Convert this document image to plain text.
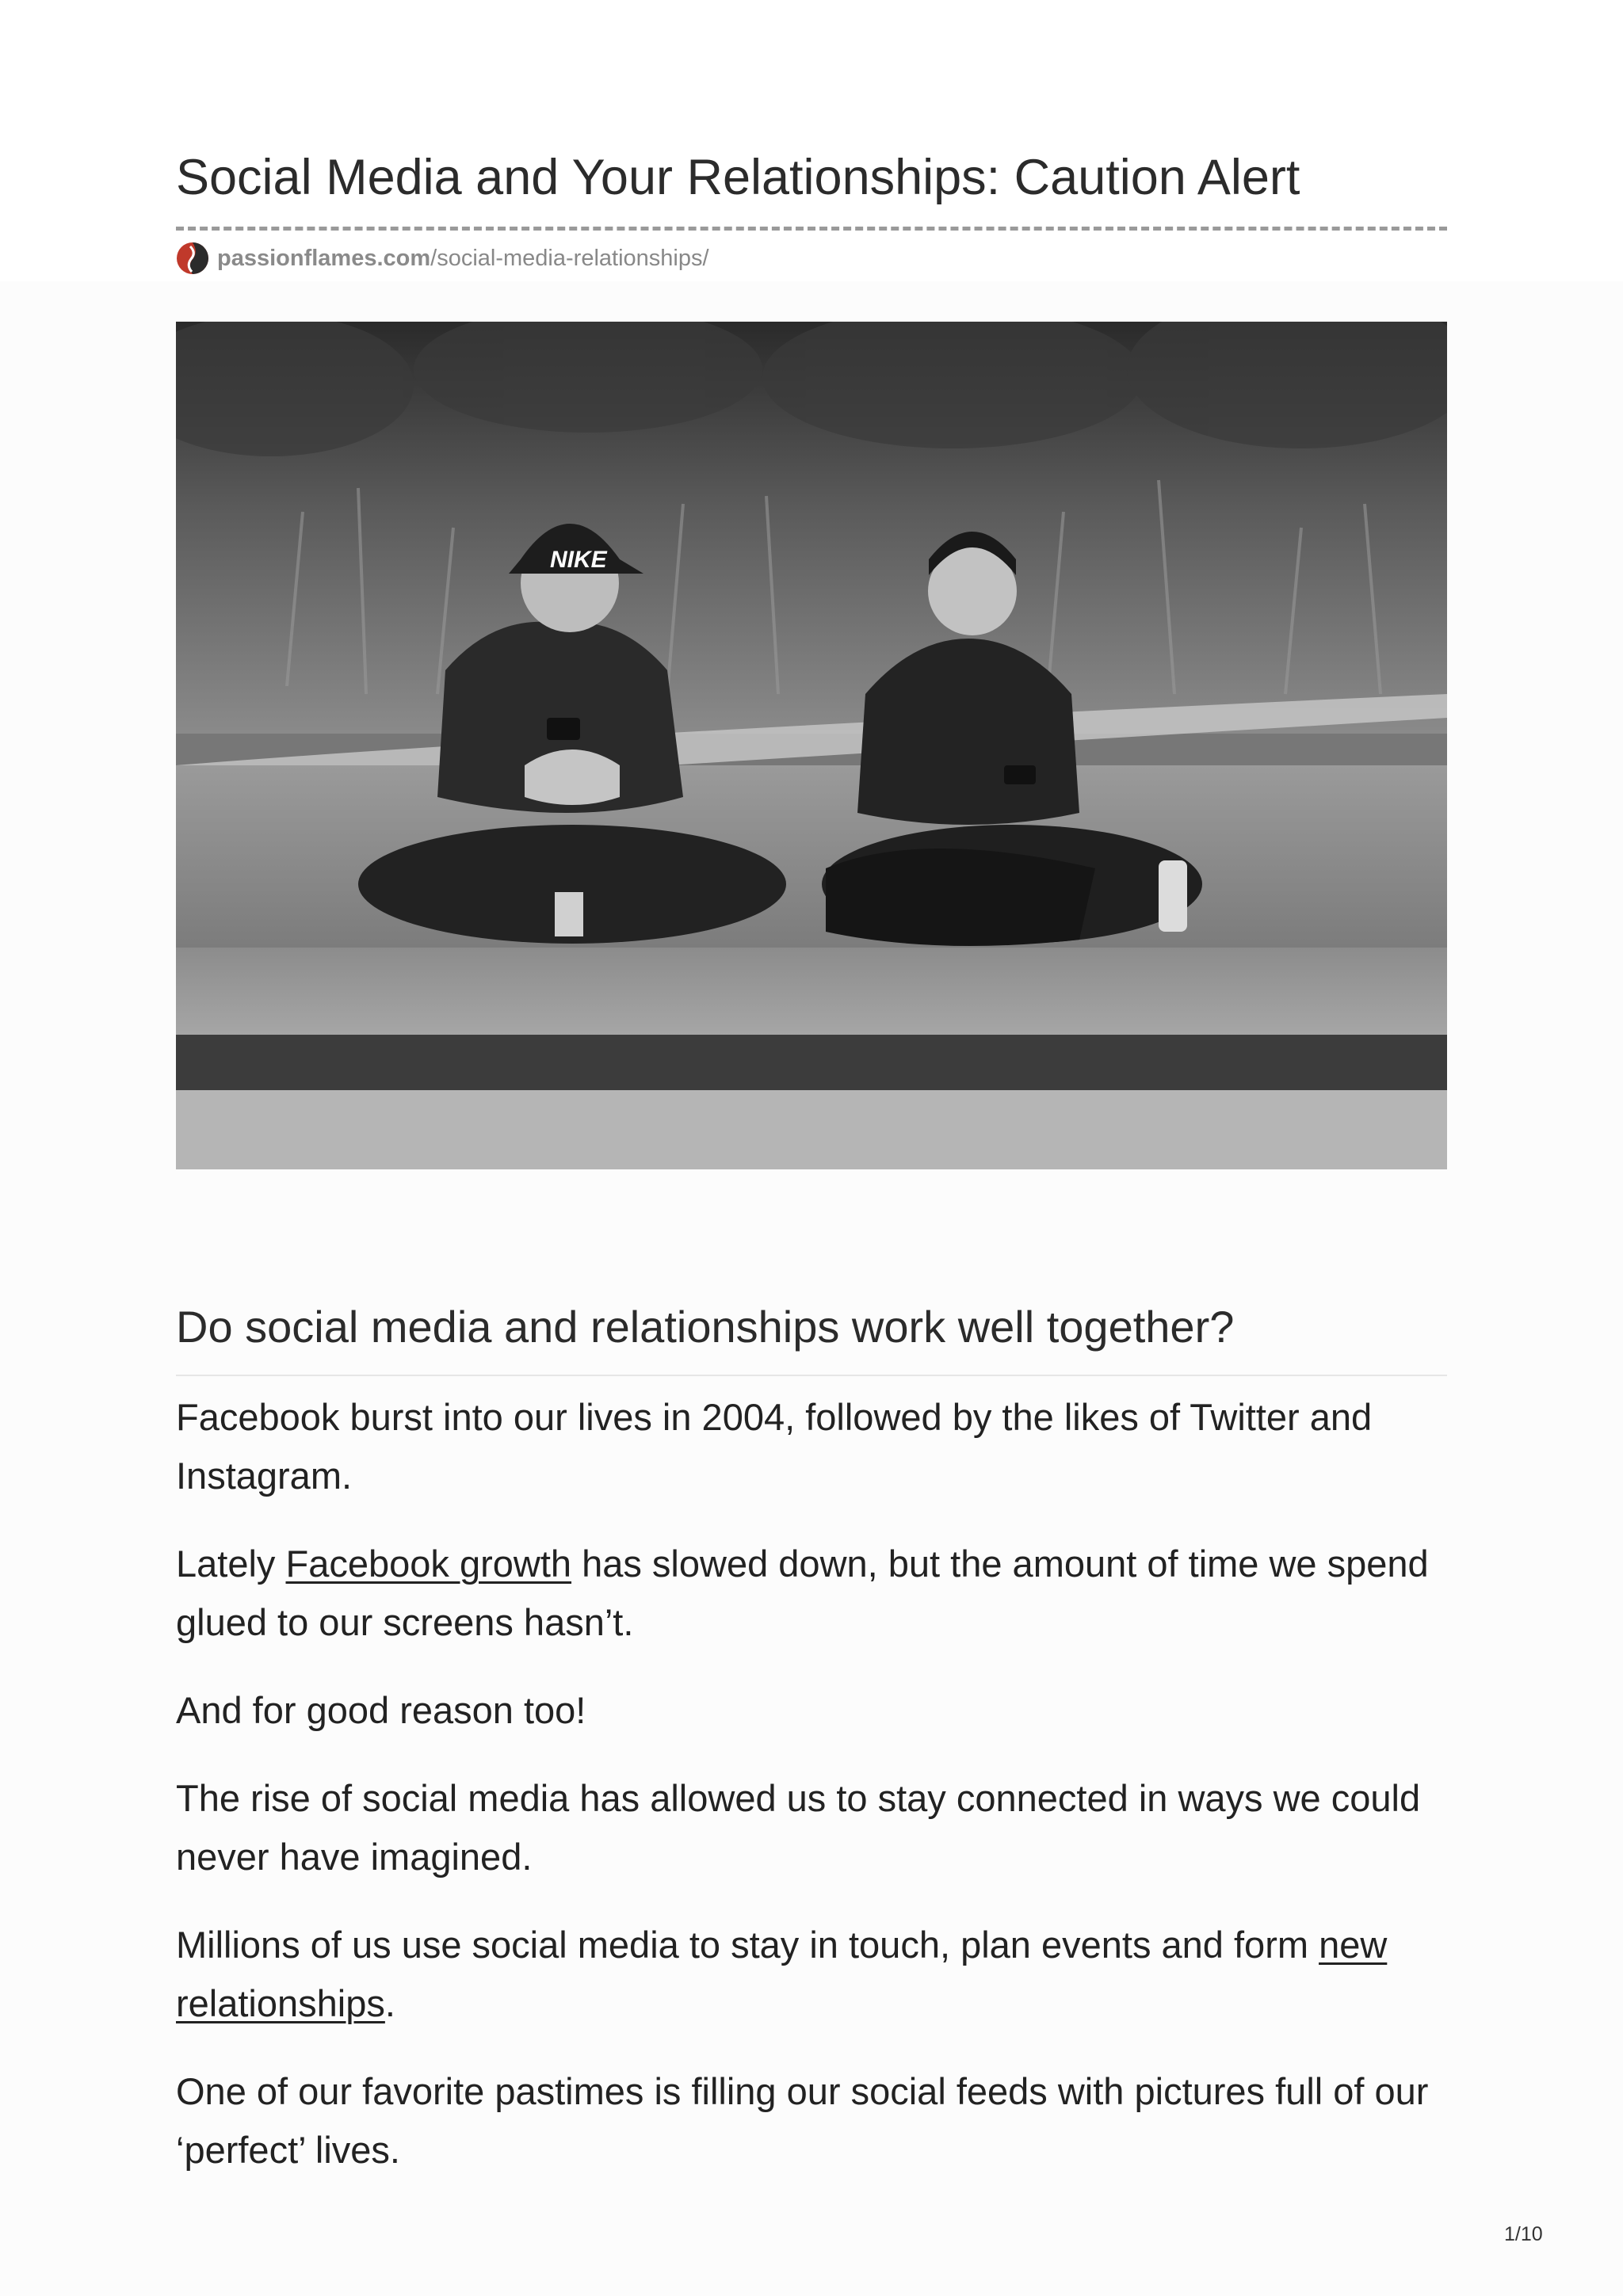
Social Media and Your Relationships: Caution Alert
passionflames.com /social-media-relationships/
NIKE
Do social media and relationships work well together?

Facebook burst into our lives in 2004, followed by the likes of Twitter and Instagram.

Lately Facebook growth has slowed down, but the amount of time we spend glued to our screens hasn’t.

And for good reason too!

The rise of social media has allowed us to stay connected in ways we could never have imagined.

Millions of us use social media to stay in touch, plan events and form new relationships.

One of our favorite pastimes is filling our social feeds with pictures full of our ‘perfect’ lives.

1/10
